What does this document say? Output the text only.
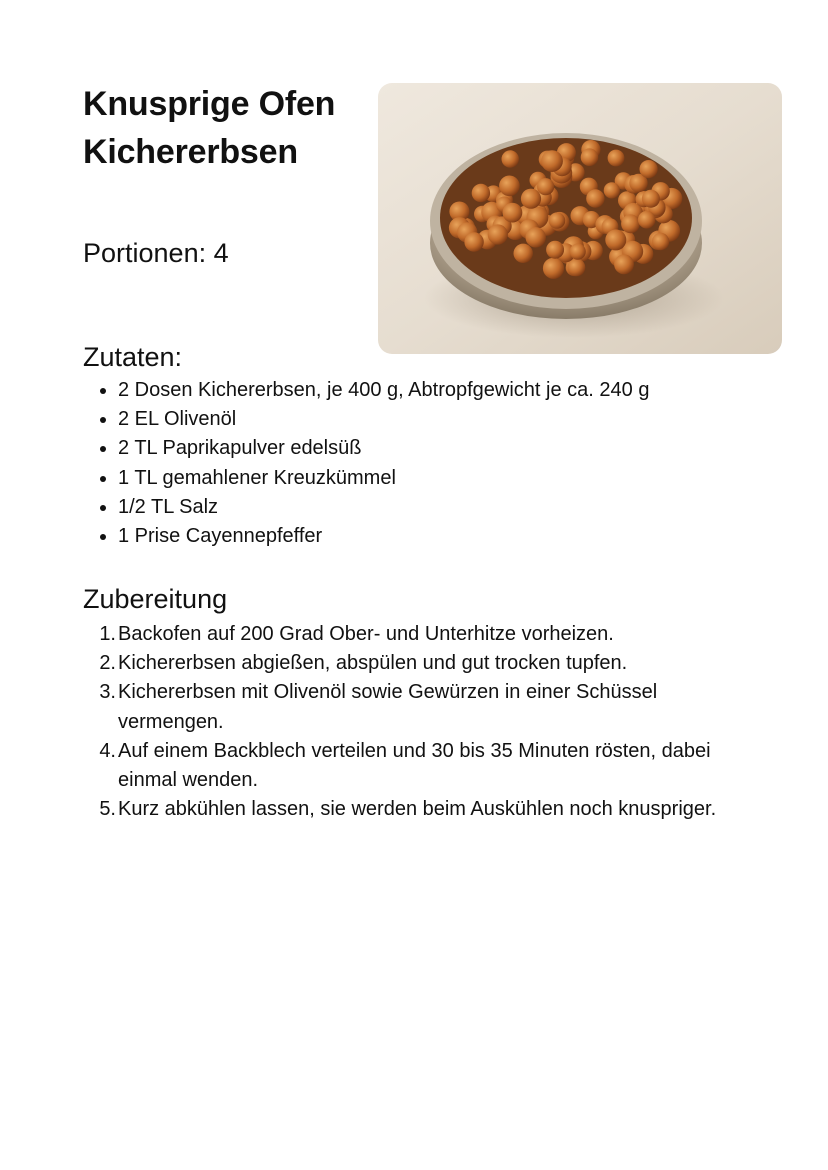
Knusprige Ofen Kichererbsen
Portionen: 4
Zutaten:
• 2 Dosen Kichererbsen, je 400 g, Abtropfgewicht je ca. 240 g
• 2 EL Olivenöl
• 2 TL Paprikapulver edelsüß
• 1 TL gemahlener Kreuzkümmel
• 1/2 TL Salz
• 1 Prise Cayennepfeffer
Zubereitung
1. Backofen auf 200 Grad Ober- und Unterhitze vorheizen.
2. Kichererbsen abgießen, abspülen und gut trocken tupfen.
3. Kichererbsen mit Olivenöl sowie Gewürzen in einer Schüssel vermengen.
4. Auf einem Backblech verteilen und 30 bis 35 Minuten rösten, dabei einmal wenden.
5. Kurz abkühlen lassen, sie werden beim Auskühlen noch knuspriger.
